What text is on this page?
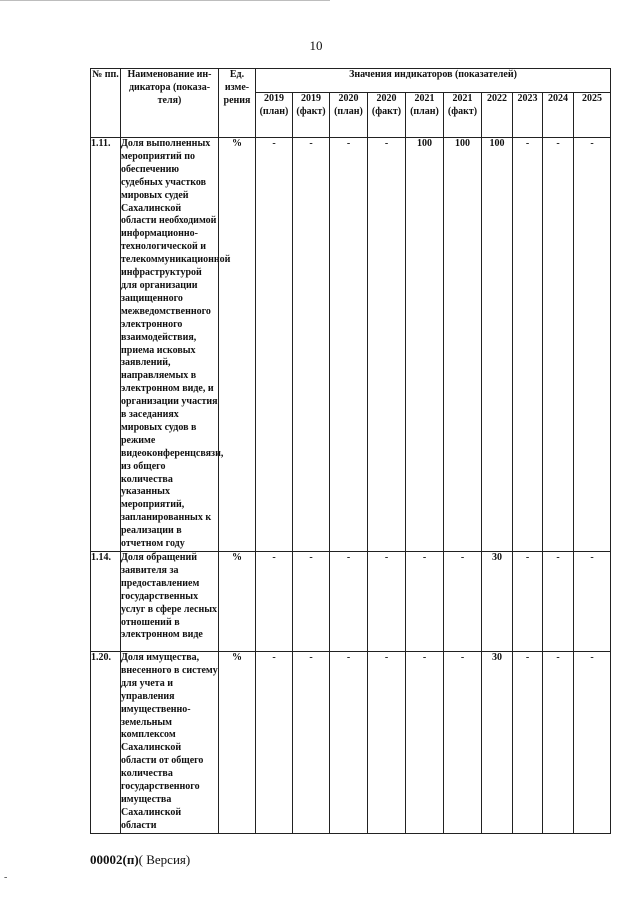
10
№ пп.	Наименование ин-дикатора (показа-теля)	Ед. изме-рения	Значения индикаторов (показателей)									
			2019 (план)	2019 (факт)	2020 (план)	2020 (факт)	2021 (план)	2021 (факт)	2022	2023	2024	2025
1.11.	Доля выполненных мероприятий по обеспечению судебных участков мировых судей Сахалинской области необходимой информационно-технологической и телекоммуникационной инфраструктурой для организации защищенного межведомственного электронного взаимодействия, приема исковых заявлений, направляемых в электронном виде, и организации участия в заседаниях мировых судов в режиме видеоконференцсвязи, из общего количества указанных мероприятий, запланированных к реализации в отчетном году	%	-	-	-	-	100	100	100	-	-	-
1.14.	Доля обращений заявителя за предоставлением государственных услуг в сфере лесных отношений в электронном виде	%	-	-	-	-	-	-	30	-	-	-
1.20.	Доля имущества, внесенного в систему для учета и управления имущественно-земельным комплексом Сахалинской области от общего количества государственного имущества Сахалинской области	%	-	-	-	-	-	-	30	-	-	-
00002(п)( Версия)
-
